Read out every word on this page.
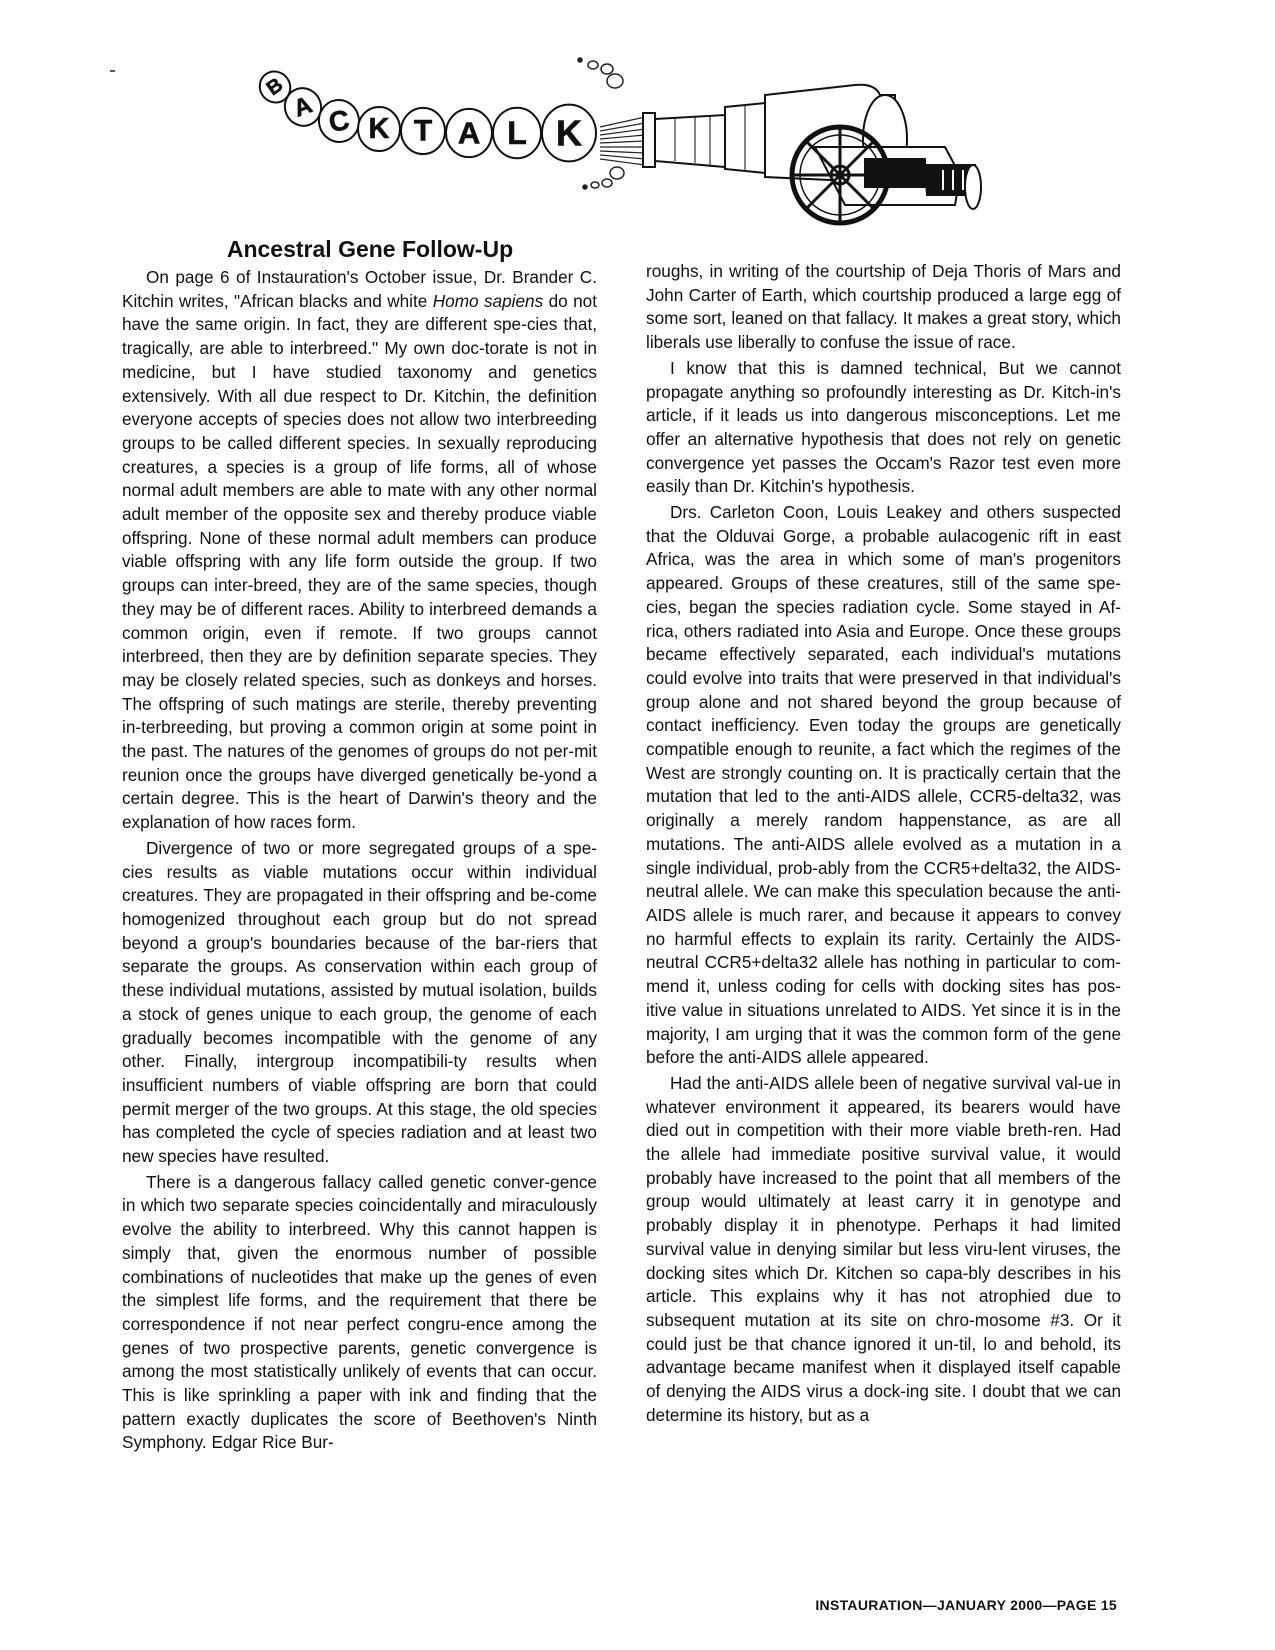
B
A C K T A L K
Ancestral Gene Follow-Up

On page 6 of Instauration's October issue, Dr. Brander C. Kitchin writes, "African blacks and white Homo sapiens do not have the same origin. In fact, they are different spe-cies that, tragically, are able to interbreed." My own doc-torate is not in medicine, but I have studied taxonomy and genetics extensively. With all due respect to Dr. Kitchin, the definition everyone accepts of species does not allow two interbreeding groups to be called different species. In sexually reproducing creatures, a species is a group of life forms, all of whose normal adult members are able to mate with any other normal adult member of the opposite sex and thereby produce viable offspring. None of these normal adult members can produce viable offspring with any life form outside the group. If two groups can inter-breed, they are of the same species, though they may be of different races. Ability to interbreed demands a common origin, even if remote. If two groups cannot interbreed, then they are by definition separate species. They may be closely related species, such as donkeys and horses. The offspring of such matings are sterile, thereby preventing in-terbreeding, but proving a common origin at some point in the past. The natures of the genomes of groups do not per-mit reunion once the groups have diverged genetically be-yond a certain degree. This is the heart of Darwin's theory and the explanation of how races form.

Divergence of two or more segregated groups of a spe-cies results as viable mutations occur within individual creatures. They are propagated in their offspring and be-come homogenized throughout each group but do not spread beyond a group's boundaries because of the bar-riers that separate the groups. As conservation within each group of these individual mutations, assisted by mutual isolation, builds a stock of genes unique to each group, the genome of each gradually becomes incompatible with the genome of any other. Finally, intergroup incompatibili-ty results when insufficient numbers of viable offspring are born that could permit merger of the two groups. At this stage, the old species has completed the cycle of species radiation and at least two new species have resulted.

There is a dangerous fallacy called genetic conver-gence in which two separate species coincidentally and miraculously evolve the ability to interbreed. Why this cannot happen is simply that, given the enormous number of possible combinations of nucleotides that make up the genes of even the simplest life forms, and the requirement that there be correspondence if not near perfect congru-ence among the genes of two prospective parents, genetic convergence is among the most statistically unlikely of events that can occur. This is like sprinkling a paper with ink and finding that the pattern exactly duplicates the score of Beethoven's Ninth Symphony. Edgar Rice Bur-

roughs, in writing of the courtship of Deja Thoris of Mars and John Carter of Earth, which courtship produced a large egg of some sort, leaned on that fallacy. It makes a great story, which liberals use liberally to confuse the issue of race.

I know that this is damned technical, But we cannot propagate anything so profoundly interesting as Dr. Kitch-in's article, if it leads us into dangerous misconceptions. Let me offer an alternative hypothesis that does not rely on genetic convergence yet passes the Occam's Razor test even more easily than Dr. Kitchin's hypothesis.

Drs. Carleton Coon, Louis Leakey and others suspected that the Olduvai Gorge, a probable aulacogenic rift in east Africa, was the area in which some of man's progenitors appeared. Groups of these creatures, still of the same spe-cies, began the species radiation cycle. Some stayed in Af-rica, others radiated into Asia and Europe. Once these groups became effectively separated, each individual's mutations could evolve into traits that were preserved in that individual's group alone and not shared beyond the group because of contact inefficiency. Even today the groups are genetically compatible enough to reunite, a fact which the regimes of the West are strongly counting on. It is practically certain that the mutation that led to the anti-AIDS allele, CCR5-delta32, was originally a merely random happenstance, as are all mutations. The anti-AIDS allele evolved as a mutation in a single individual, prob-ably from the CCR5+delta32, the AIDS-neutral allele. We can make this speculation because the anti-AIDS allele is much rarer, and because it appears to convey no harmful effects to explain its rarity. Certainly the AIDS-neutral CCR5+delta32 allele has nothing in particular to com-mend it, unless coding for cells with docking sites has pos-itive value in situations unrelated to AIDS. Yet since it is in the majority, I am urging that it was the common form of the gene before the anti-AIDS allele appeared.

Had the anti-AIDS allele been of negative survival val-ue in whatever environment it appeared, its bearers would have died out in competition with their more viable breth-ren. Had the allele had immediate positive survival value, it would probably have increased to the point that all members of the group would ultimately at least carry it in genotype and probably display it in phenotype. Perhaps it had limited survival value in denying similar but less viru-lent viruses, the docking sites which Dr. Kitchen so capa-bly describes in his article. This explains why it has not atrophied due to subsequent mutation at its site on chro-mosome #3. Or it could just be that chance ignored it un-til, lo and behold, its advantage became manifest when it displayed itself capable of denying the AIDS virus a dock-ing site. I doubt that we can determine its history, but as a

INSTAURATION—JANUARY 2000—PAGE 15
